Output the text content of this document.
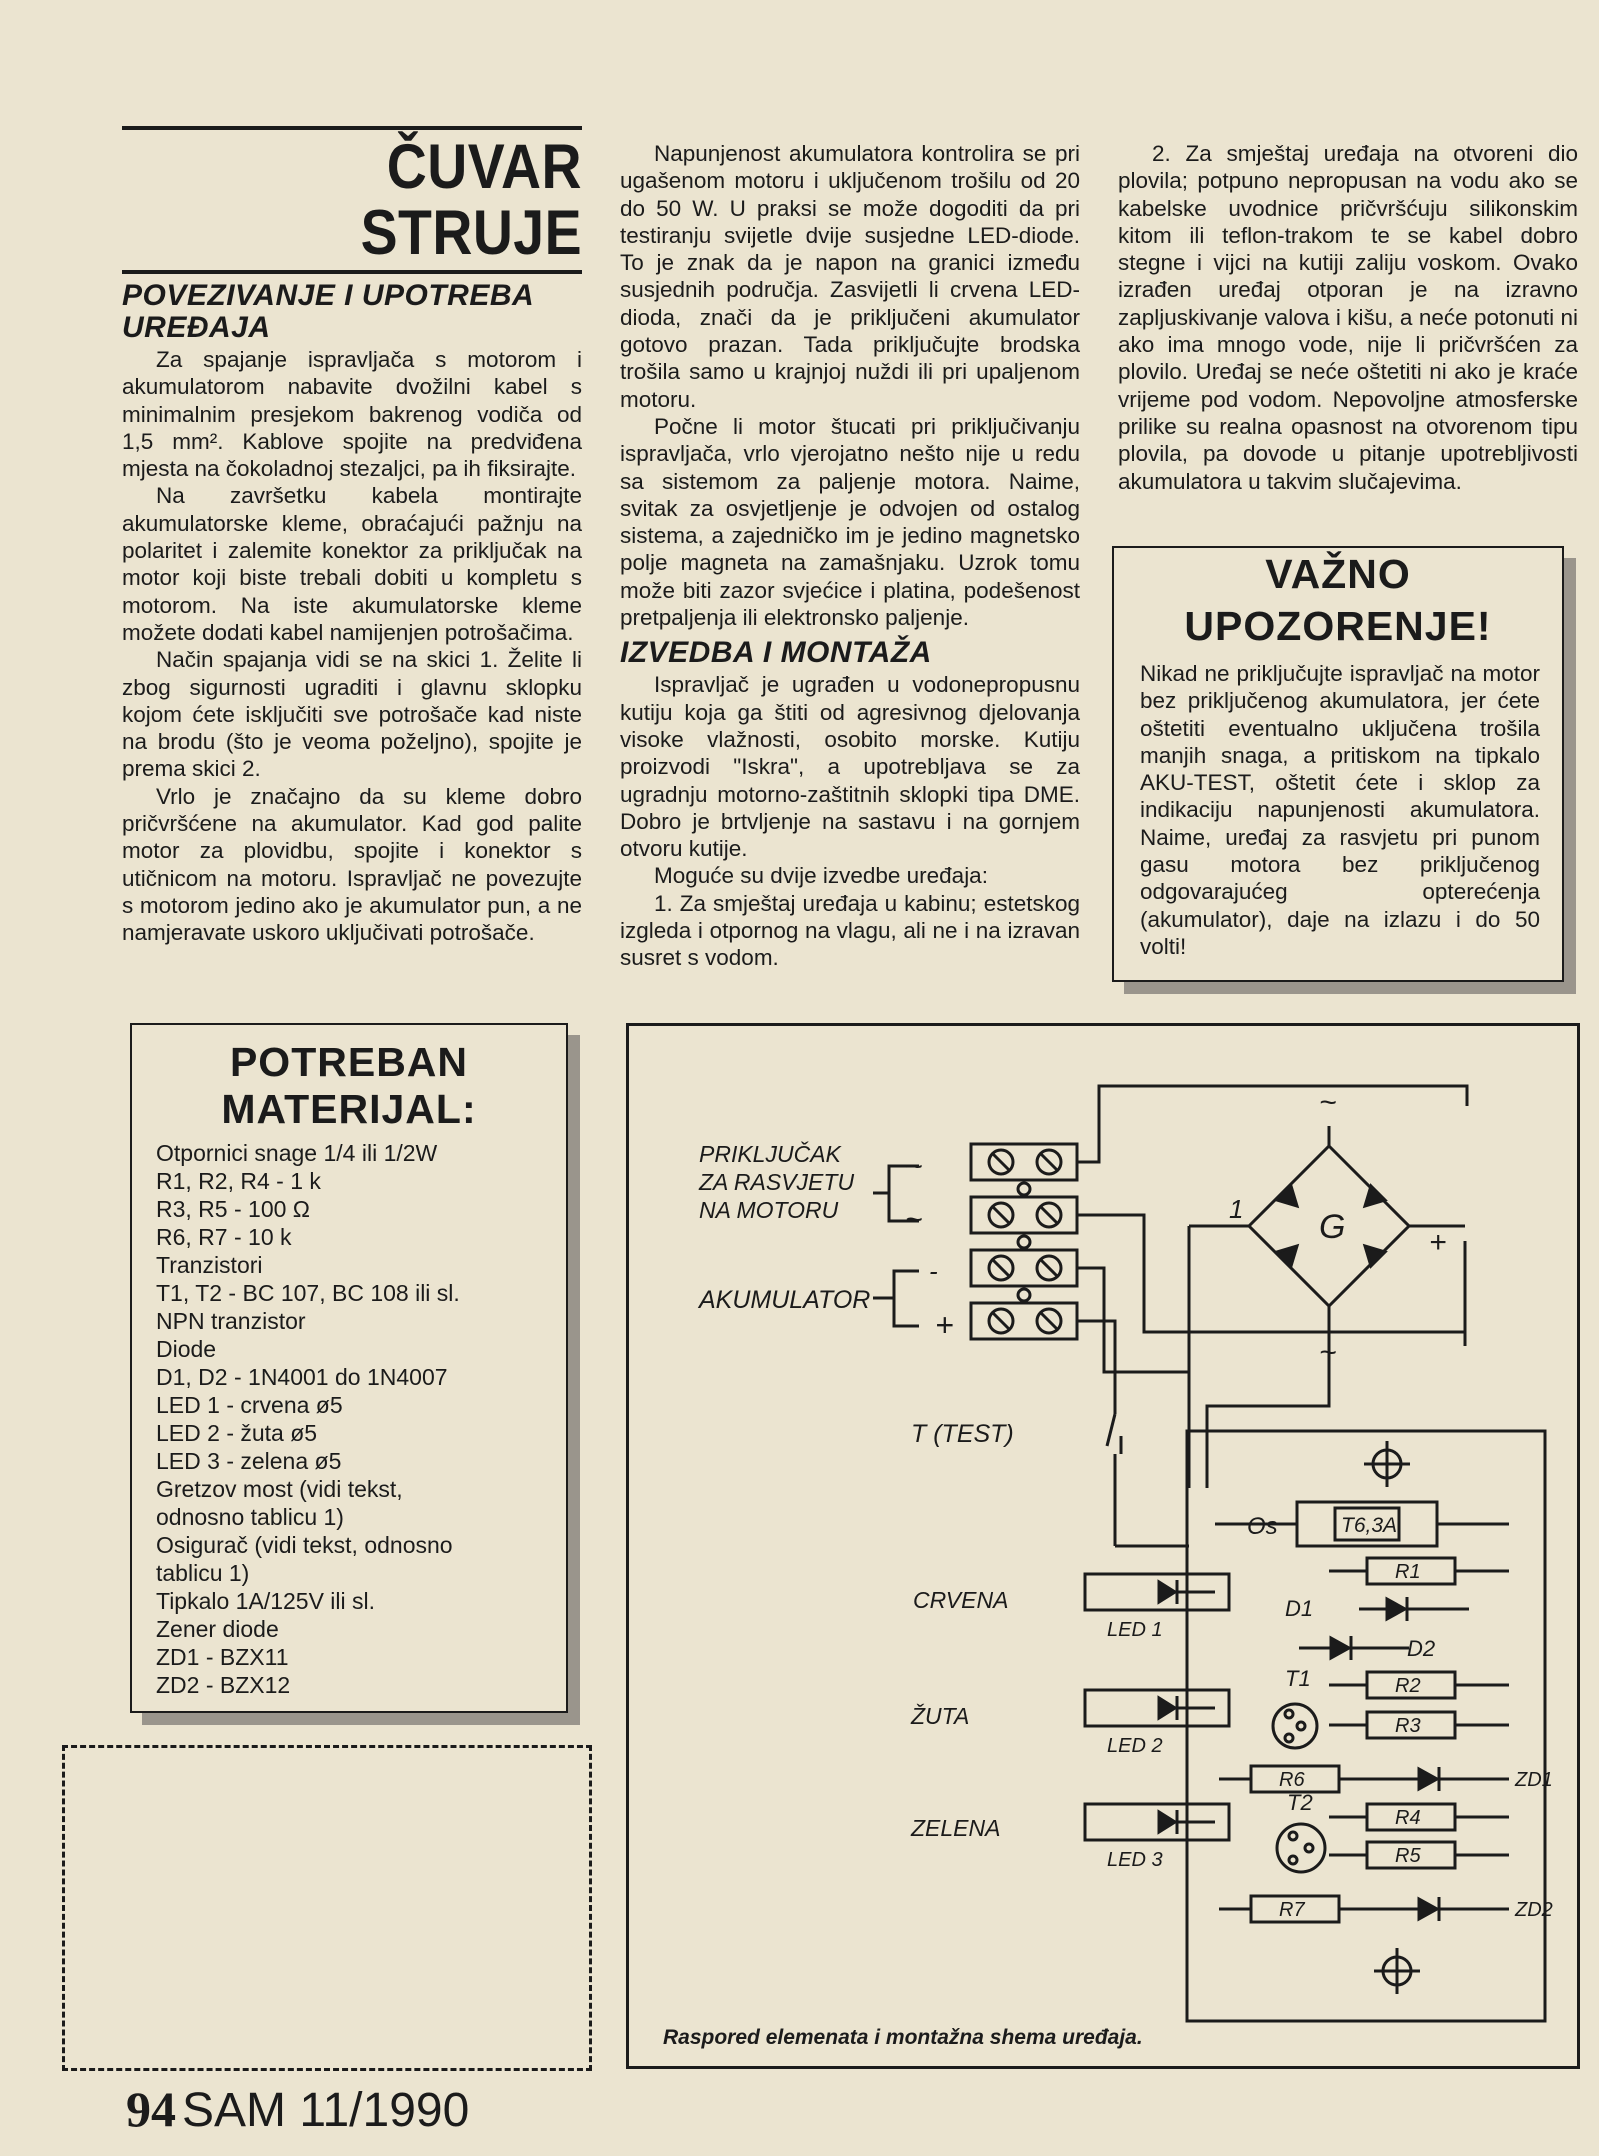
ČUVAR STRUJE
POVEZIVANJE I UPOTREBA UREĐAJA

Za spajanje ispravljača s motorom i akumulatorom nabavite dvožilni kabel s minimalnim presjekom bakrenog vodiča od 1,5 mm². Kablove spojite na predviđena mjesta na čokoladnoj stezaljci, pa ih fiksirajte.

Na završetku kabela montirajte akumulatorske kleme, obraćajući pažnju na polaritet i zalemite konektor za priključak na motor koji biste trebali dobiti u kompletu s motorom. Na iste akumulatorske kleme možete dodati kabel namijenjen potrošačima.

Način spajanja vidi se na skici 1. Želite li zbog sigurnosti ugraditi i glavnu sklopku kojom ćete isključiti sve potrošače kad niste na brodu (što je veoma poželjno), spojite je prema skici 2.

Vrlo je značajno da su kleme dobro pričvršćene na akumulator. Kad god palite motor za plovidbu, spojite i konektor s utičnicom na motoru. Ispravljač ne povezujte s motorom jedino ako je akumulator pun, a ne namjeravate uskoro uključivati potrošače.

Napunjenost akumulatora kontrolira se pri ugašenom motoru i uključenom trošilu od 20 do 50 W. U praksi se može dogoditi da pri testiranju svijetle dvije susjedne LED-diode. To je znak da je napon na granici između susjednih područja. Zasvijetli li crvena LED-dioda, znači da je priključeni akumulator gotovo prazan. Tada priključujte brodska trošila samo u krajnjoj nuždi ili pri upaljenom motoru.

Počne li motor štucati pri priključivanju ispravljača, vrlo vjerojatno nešto nije u redu sa sistemom za paljenje motora. Naime, svitak za osvjetljenje je odvojen od ostalog sistema, a zajedničko im je jedino magnetsko polje magneta na zamašnjaku. Uzrok tomu može biti zazor svjećice i platina, podešenost pretpaljenja ili elektronsko paljenje.

IZVEDBA I MONTAŽA

Ispravljač je ugrađen u vodonepropusnu kutiju koja ga štiti od agresivnog djelovanja visoke vlažnosti, osobito morske. Kutiju proizvodi "Iskra", a upotrebljava se za ugradnju motorno-zaštitnih sklopki tipa DME. Dobro je brtvljenje na sastavu i na gornjem otvoru kutije.

Moguće su dvije izvedbe uređaja:

1. Za smještaj uređaja u kabinu; estetskog izgleda i otpornog na vlagu, ali ne i na izravan susret s vodom.

2. Za smještaj uređaja na otvoreni dio plovila; potpuno nepropusan na vodu ako se kabelske uvodnice pričvršćuju silikonskim kitom ili teflon-trakom te se kabel dobro stegne i vijci na kutiji zaliju voskom. Ovako izrađen uređaj otporan je na izravno zapljuskivanje valova i kišu, a neće potonuti ni ako ima mnogo vode, nije li pričvršćen za plovilo. Uređaj se neće oštetiti ni ako je kraće vrijeme pod vodom. Nepovoljne atmosferske prilike su realna opasnost na otvorenom tipu plovila, pa dovode u pitanje upotrebljivosti akumulatora u takvim slučajevima.

VAŽNO
UPOZORENJE!
Nikad ne priključujte ispravljač na motor bez priključenog akumulatora, jer ćete oštetiti eventualno uključena trošila manjih snaga, a pritiskom na tipkalo AKU-TEST, oštetit ćete i sklop za indikaciju napunjenosti akumulatora. Naime, uređaj za rasvjetu pri punom gasu motora bez priključenog odgovarajućeg opterećenja (akumulator), daje na izlazu i do 50 volti!
POTREBAN
MATERIJAL:
Otpornici snage 1/4 ili 1/2W
R1, R2, R4 - 1 k
R3, R5 - 100 Ω
R6, R7 - 10 k
Tranzistori
T1, T2 - BC 107, BC 108 ili sl.
NPN tranzistor
Diode
D1, D2 - 1N4001 do 1N4007
LED 1 - crvena ø5
LED 2 - žuta ø5
LED 3 - zelena ø5
Gretzov most (vidi tekst,
odnosno tablicu 1)
Osigurač (vidi tekst, odnosno
tablicu 1)
Tipkalo 1A/125V ili sl.
Zener diode
ZD1 - BZX11
ZD2 - BZX12
PRIKLJUČAK
ZA RASVJETU
NA MOTORU
AKUMULATOR
~
~
-
+
~
~
1
+
G
T (TEST)
Os	T6,3A
CRVENA
ŽUTA
ZELENA
LED 1
LED 2
LED 3
R1
R2
R3
R6
R4
R5
R7
D1
D2
ZD1
ZD2
T1
T2
Raspored elemenata i montažna shema uređaja.
94 SAM 11/1990
